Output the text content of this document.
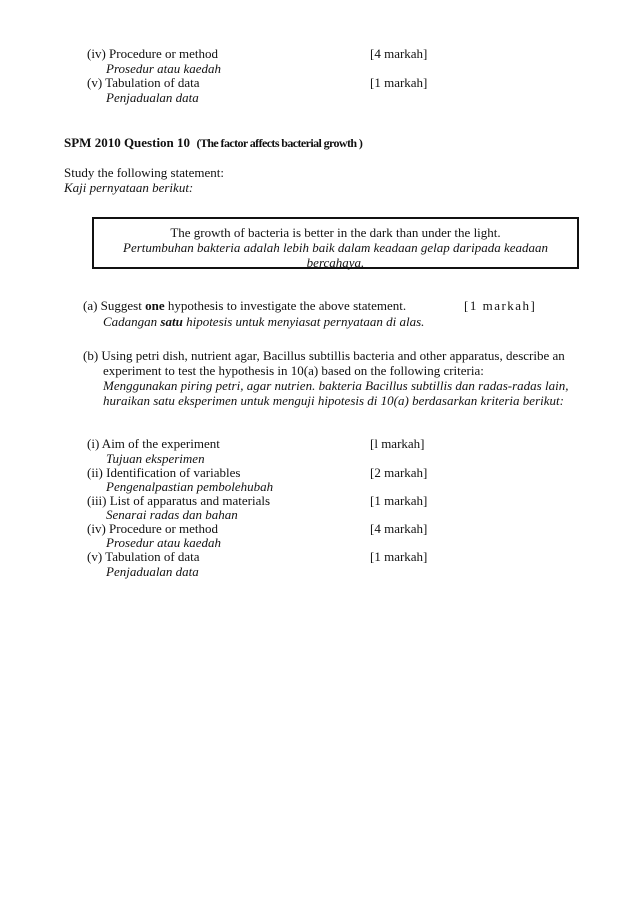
(iv) Procedure or method	[4 markah]
Prosedur atau kaedah
(v) Tabulation of data	[1 markah]
Penjadualan data
SPM 2010 Question 10 (The factor affects bacterial growth )
Study the following statement:
Kaji pernyataan berikut:
The growth of bacteria is better in the dark than under the light.
Pertumbuhan bakteria adalah lebih baik dalam keadaan gelap daripada keadaan
bercahaya.
(a) Suggest one hypothesis to investigate the above statement.	[1 markah]
Cadangan satu hipotesis untuk menyiasat pernyataan di alas.
(b) Using petri dish, nutrient agar, Bacillus subtillis bacteria and other apparatus, describe an
experiment to test the hypothesis in 10(a) based on the following criteria:
Menggunakan piring petri, agar nutrien. bakteria Bacillus subtillis dan radas-radas lain,
huraikan satu eksperimen untuk menguji hipotesis di 10(a) berdasarkan kriteria berikut:
(i) Aim of the experiment	[l markah]
Tujuan eksperimen
(ii) Identification of variables	[2 markah]
Pengenalpastian pembolehubah
(iii) List of apparatus and materials	[1 markah]
Senarai radas dan bahan
(iv) Procedure or method	[4 markah]
Prosedur atau kaedah
(v) Tabulation of data	[1 markah]
Penjadualan data
